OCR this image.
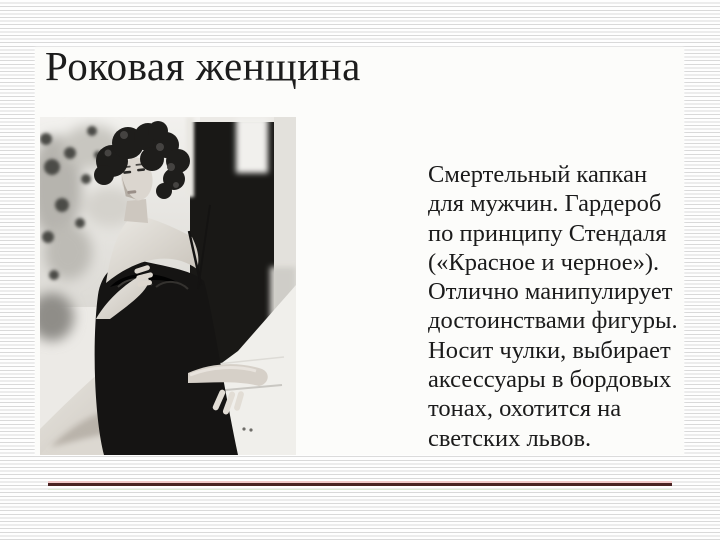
Роковая женщина
Смертельный капкан
для мужчин. Гардероб
по принципу Стендаля
(«Красное и черное»).
Отлично манипулирует
достоинствами фигуры.
Носит чулки, выбирает
аксессуары в бордовых
тонах, охотится на
светских львов.
